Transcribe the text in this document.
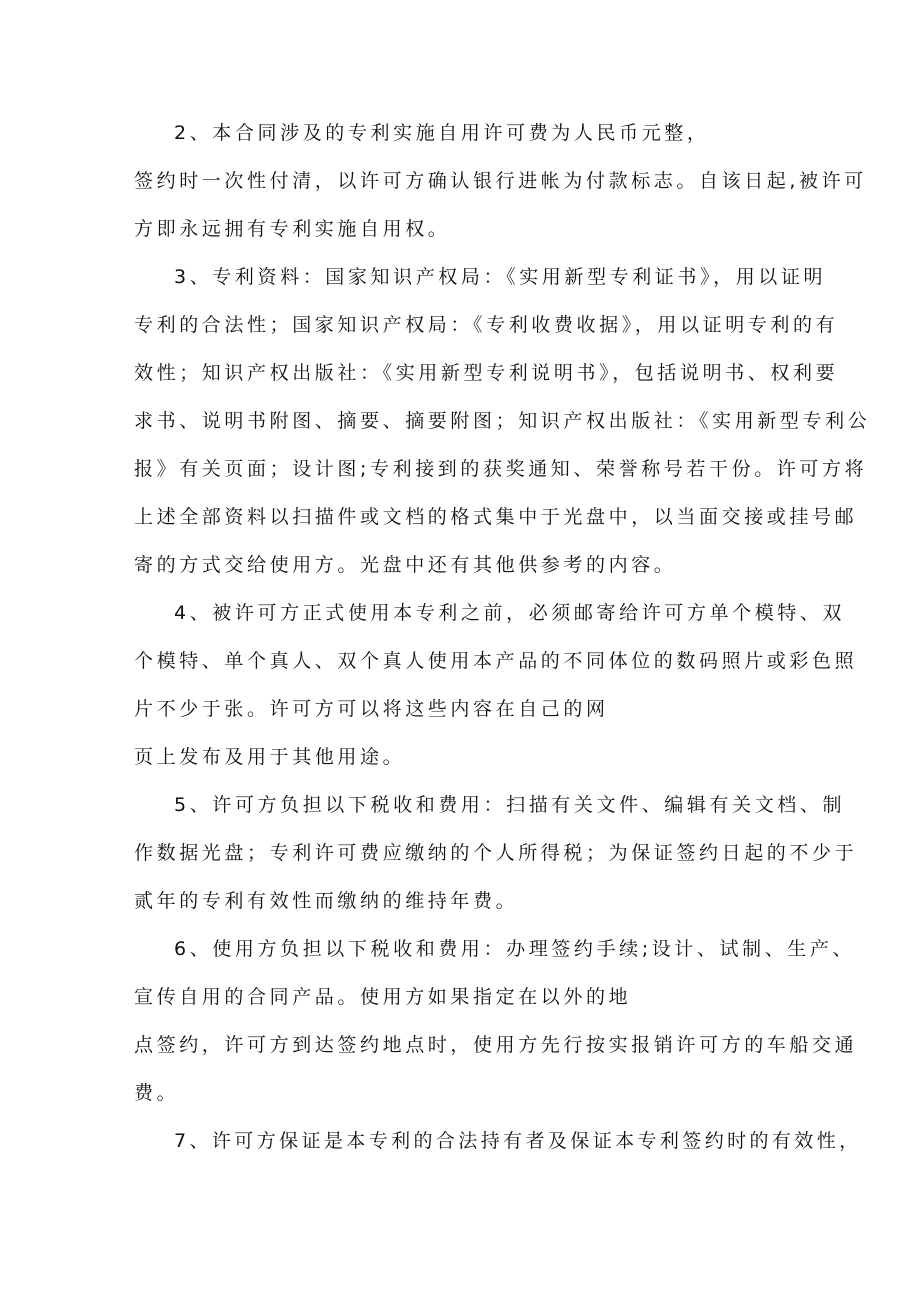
2、本合同涉及的专利实施自用许可费为人民币元整，
签约时一次性付清，以许可方确认银行进帐为付款标志。自该日起,被许可
方即永远拥有专利实施自用权。
3、专利资料：国家知识产权局：《实用新型专利证书》，用以证明
专利的合法性；国家知识产权局：《专利收费收据》，用以证明专利的有
效性；知识产权出版社：《实用新型专利说明书》，包括说明书、权利要
求书、说明书附图、摘要、摘要附图；知识产权出版社：《实用新型专利公
报》有关页面；设计图;专利接到的获奖通知、荣誉称号若干份。许可方将
上述全部资料以扫描件或文档的格式集中于光盘中，以当面交接或挂号邮
寄的方式交给使用方。光盘中还有其他供参考的内容。
4、被许可方正式使用本专利之前，必须邮寄给许可方单个模特、双
个模特、单个真人、双个真人使用本产品的不同体位的数码照片或彩色照
片不少于张。许可方可以将这些内容在自己的网
页上发布及用于其他用途。
5、许可方负担以下税收和费用：扫描有关文件、编辑有关文档、制
作数据光盘；专利许可费应缴纳的个人所得税；为保证签约日起的不少于
贰年的专利有效性而缴纳的维持年费。
6、使用方负担以下税收和费用：办理签约手续;设计、试制、生产、
宣传自用的合同产品。使用方如果指定在以外的地
点签约，许可方到达签约地点时，使用方先行按实报销许可方的车船交通
费。
7、许可方保证是本专利的合法持有者及保证本专利签约时的有效性，
